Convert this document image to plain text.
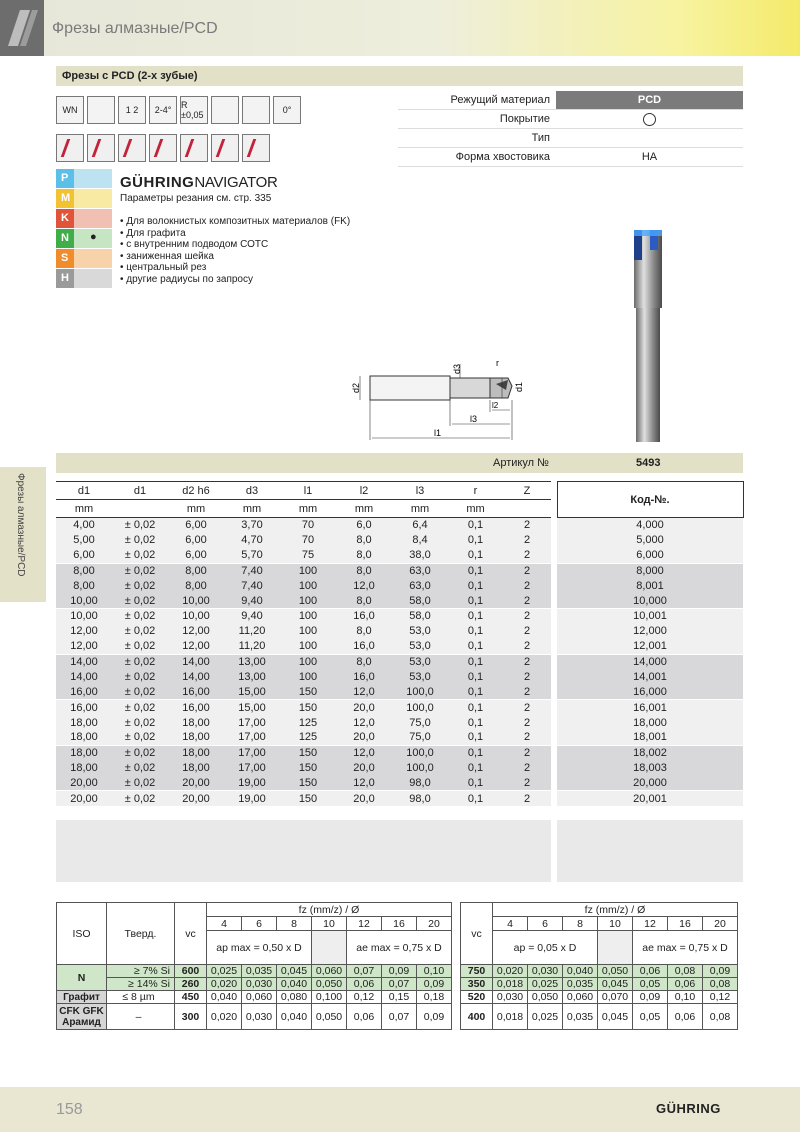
Фрезы алмазные/PCD
Фрезы с PCD (2-х зубые)
WN	1 2	2-4°	R ±0,05	0°
Режущий материал	PCD
Покрытие
Тип
Форма хвостовика	HA
P
M
K
N	●
S
H
GÜHRINGNAVIGATOR
Параметры резания см. стр. 335
• Для волокнистых композитных материалов (FK)
• Для графита
• с внутренним подводом СОТС
• заниженная шейка
• центральный рез
• другие радиусы по запросу
d2
d3
r
d1
l1
l3
l2
Фрезы алмазные/PCD
Артикул №	5493
d1	d1	d2 h6	d3	l1	l2	l3	r	Z		Код-№.
mm		mm	mm	mm	mm	mm	mm			
4,00	± 0,02	6,00	3,70	70	6,0	6,4	0,1	2		4,000
5,00	± 0,02	6,00	4,70	70	8,0	8,4	0,1	2		5,000
6,00	± 0,02	6,00	5,70	75	8,0	38,0	0,1	2		6,000
8,00	± 0,02	8,00	7,40	100	8,0	63,0	0,1	2		8,000
8,00	± 0,02	8,00	7,40	100	12,0	63,0	0,1	2		8,001
10,00	± 0,02	10,00	9,40	100	8,0	58,0	0,1	2		10,000
10,00	± 0,02	10,00	9,40	100	16,0	58,0	0,1	2		10,001
12,00	± 0,02	12,00	11,20	100	8,0	53,0	0,1	2		12,000
12,00	± 0,02	12,00	11,20	100	16,0	53,0	0,1	2		12,001
14,00	± 0,02	14,00	13,00	100	8,0	53,0	0,1	2		14,000
14,00	± 0,02	14,00	13,00	100	16,0	53,0	0,1	2		14,001
16,00	± 0,02	16,00	15,00	150	12,0	100,0	0,1	2		16,000
16,00	± 0,02	16,00	15,00	150	20,0	100,0	0,1	2		16,001
18,00	± 0,02	18,00	17,00	125	12,0	75,0	0,1	2		18,000
18,00	± 0,02	18,00	17,00	125	20,0	75,0	0,1	2		18,001
18,00	± 0,02	18,00	17,00	150	12,0	100,0	0,1	2		18,002
18,00	± 0,02	18,00	17,00	150	20,0	100,0	0,1	2		18,003
20,00	± 0,02	20,00	19,00	150	12,0	98,0	0,1	2		20,000
20,00	± 0,02	20,00	19,00	150	20,0	98,0	0,1	2		20,001
ISO	Тверд.	vc	fz (mm/z) / Ø						
			4	6	8	10	12	16	20
			ap max = 0,50 x D				ae max = 0,75 x D		
N	≥ 7% Si	600	0,025	0,035	0,045	0,060	0,07	0,09	0,10
	≥ 14% Si	260	0,020	0,030	0,040	0,050	0,06	0,07	0,09
Графит	≤ 8 µm	450	0,040	0,060	0,080	0,100	0,12	0,15	0,18
CFK GFK Арамид	–	300	0,020	0,030	0,040	0,050	0,06	0,07	0,09
vc	fz (mm/z) / Ø						
	4	6	8	10	12	16	20
	ap = 0,05 x D				ae max = 0,75 x D		
750	0,020	0,030	0,040	0,050	0,06	0,08	0,09
350	0,018	0,025	0,035	0,045	0,05	0,06	0,08
520	0,030	0,050	0,060	0,070	0,09	0,10	0,12
400	0,018	0,025	0,035	0,045	0,05	0,06	0,08
158	GÜHRING
